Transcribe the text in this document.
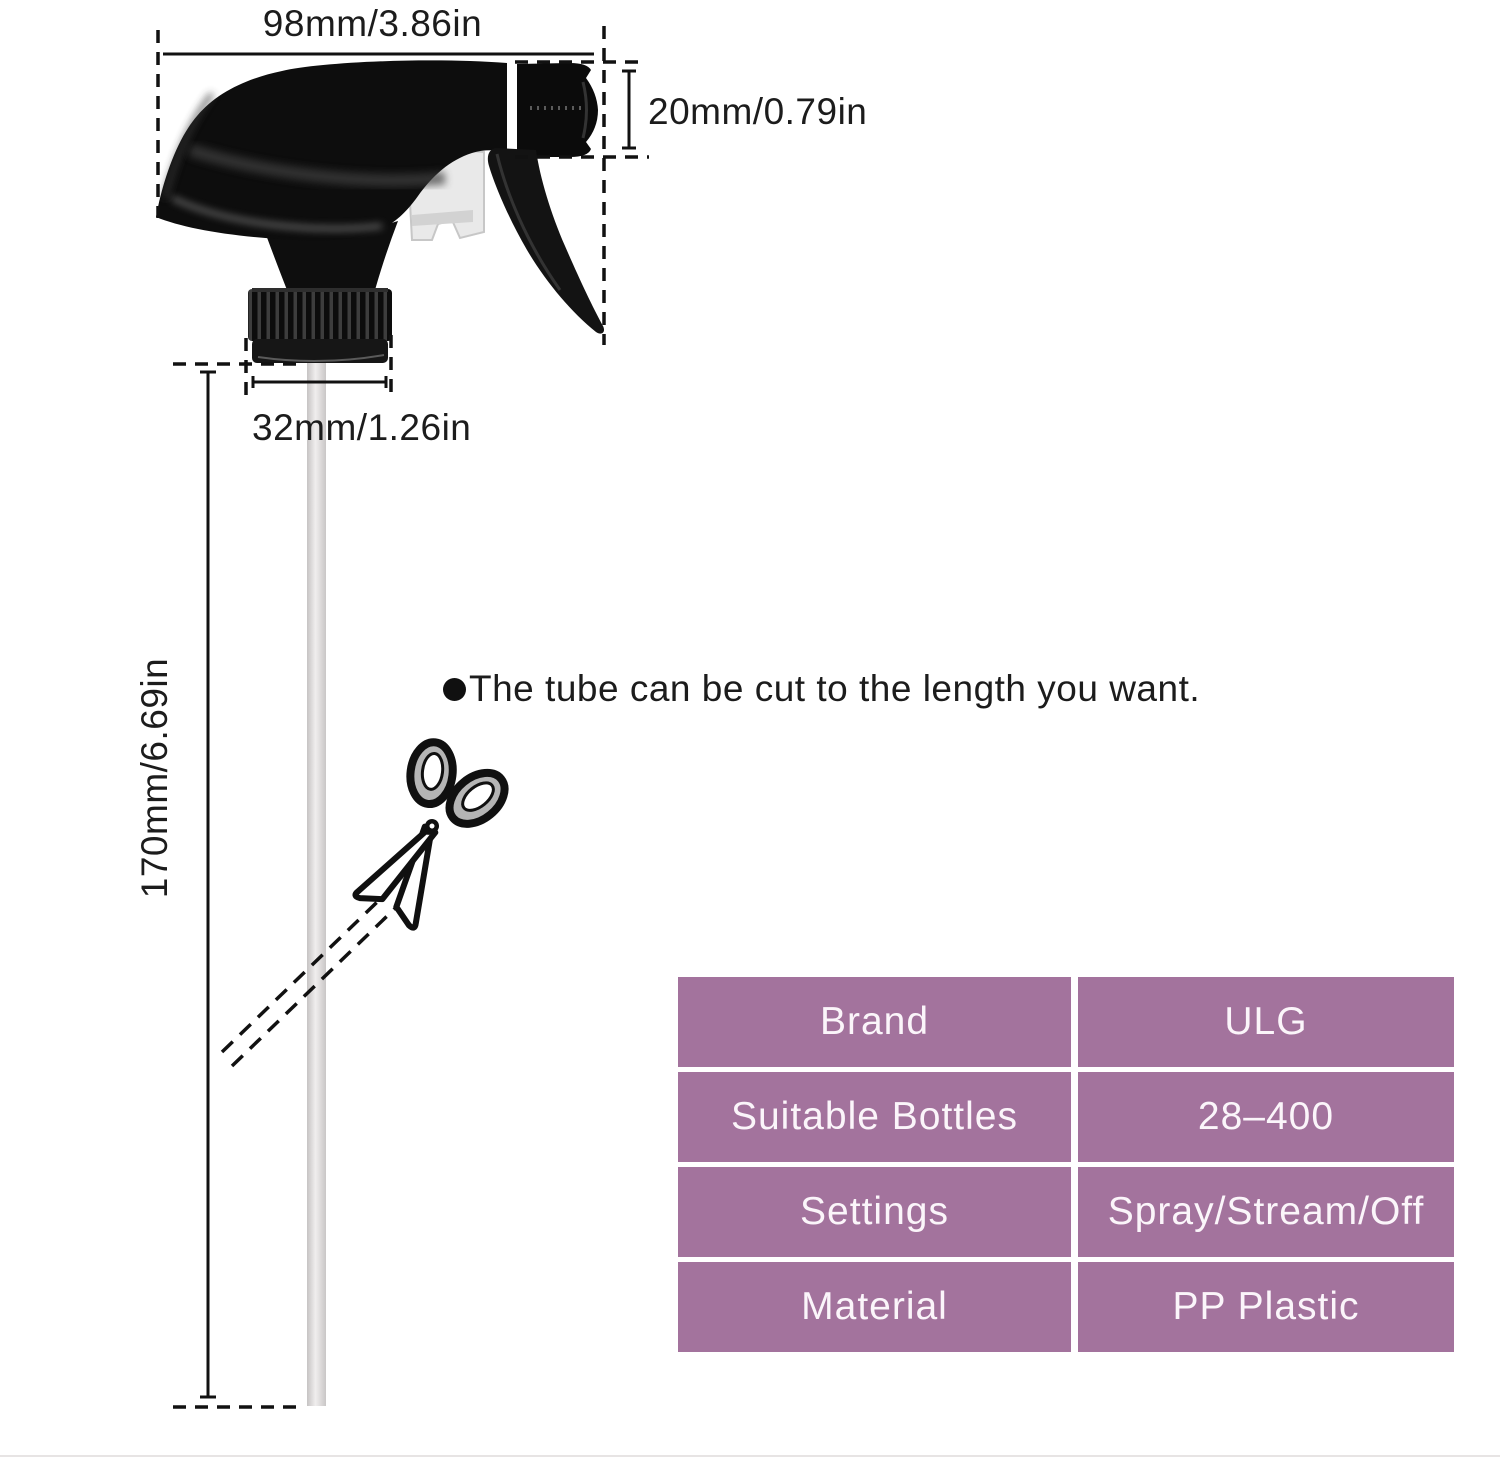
98mm/3.86in
20mm/0.79in
32mm/1.26in
170mm/6.69in	The tube can be cut to the length you want.
Brand	ULG
Suitable Bottles	28–400
Settings	Spray/Stream/Off
Material	PP Plastic
